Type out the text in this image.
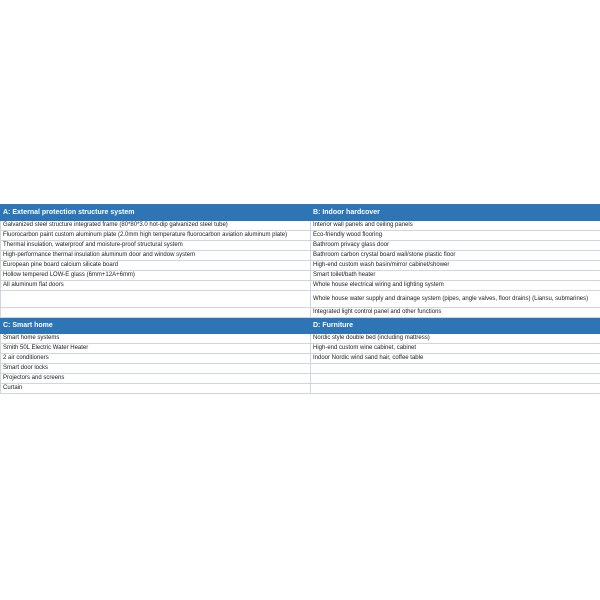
A: External protection structure system	B: Indoor hardcover
Galvanized steel structure integrated frame (80*80*3.0 hot-dip galvanized steel tube)	Interior wall panels and ceiling panels
Fluorocarbon paint custom aluminum plate (2.0mm high temperature fluorocarbon aviation aluminum plate)	Eco-friendly wood flooring
Thermal insulation, waterproof and moisture-proof structural system	Bathroom privacy glass door
High-performance thermal insulation aluminum door and window system	Bathroom carbon crystal board wall/stone plastic floor
European pine board calcium silicate board	High-end custom wash basin/mirror cabinet/shower
Hollow tempered LOW-E glass (6mm+12A+6mm)	Smart toilet/bath heater
All aluminum flat doors	Whole house electrical wiring and lighting system
	Whole house water supply and drainage system (pipes, angle valves, floor drains) (Liansu, submarines)
	Integrated light control panel and other functions
C: Smart home	D: Furniture
Smart home systems	Nordic style double bed (including mattress)
Smith 50L Electric Water Heater	High-end custom wine cabinet, cabinet
2 air conditioners	Indoor Nordic wind sand hair, coffee table
Smart door locks	
Projectors and screens	
Curtain	
